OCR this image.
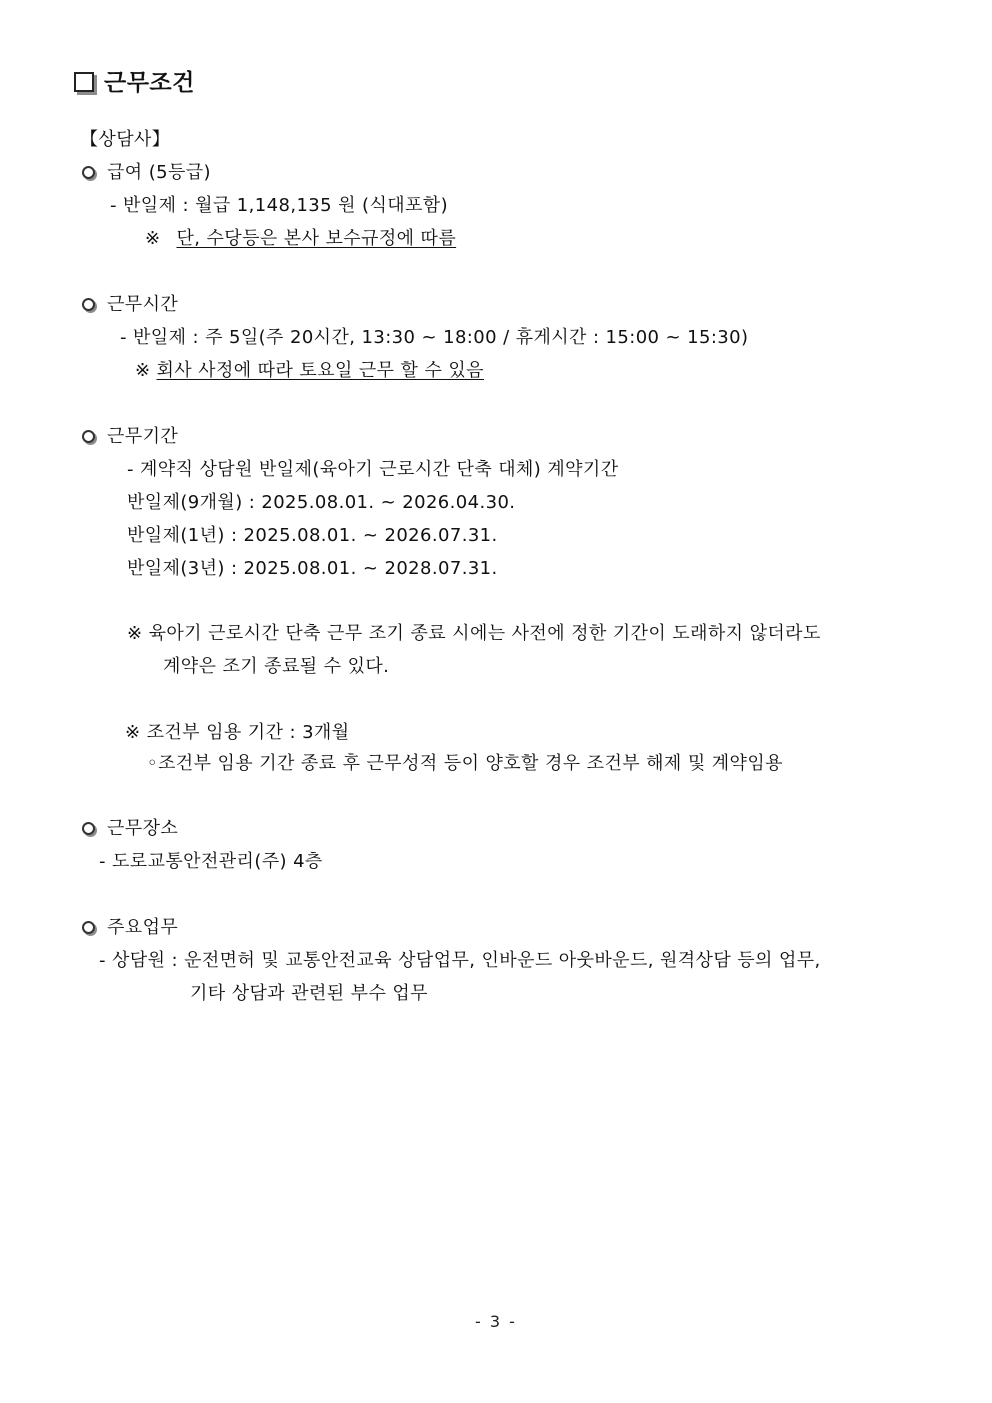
근무조건
【상담사】
급여 (5등급)
- 반일제 : 월급 1,148,135 원 (식대포함)
※ 단, 수당등은 본사 보수규정에 따름
근무시간
- 반일제 : 주 5일(주 20시간, 13:30 ~ 18:00 / 휴게시간 : 15:00 ~ 15:30)
※ 회사 사정에 따라 토요일 근무 할 수 있음
근무기간
- 계약직 상담원 반일제(육아기 근로시간 단축 대체) 계약기간
반일제(9개월) : 2025.08.01. ~ 2026.04.30.
반일제(1년) : 2025.08.01. ~ 2026.07.31.
반일제(3년) : 2025.08.01. ~ 2028.07.31.
※ 육아기 근로시간 단축 근무 조기 종료 시에는 사전에 정한 기간이 도래하지 않더라도
계약은 조기 종료될 수 있다.
※ 조건부 임용 기간 : 3개월
◦조건부 임용 기간 종료 후 근무성적 등이 양호할 경우 조건부 해제 및 계약임용
근무장소
- 도로교통안전관리(주) 4층
주요업무
- 상담원 : 운전면허 및 교통안전교육 상담업무, 인바운드 아웃바운드, 원격상담 등의 업무,
기타 상담과 관련된 부수 업무
- 3 -
